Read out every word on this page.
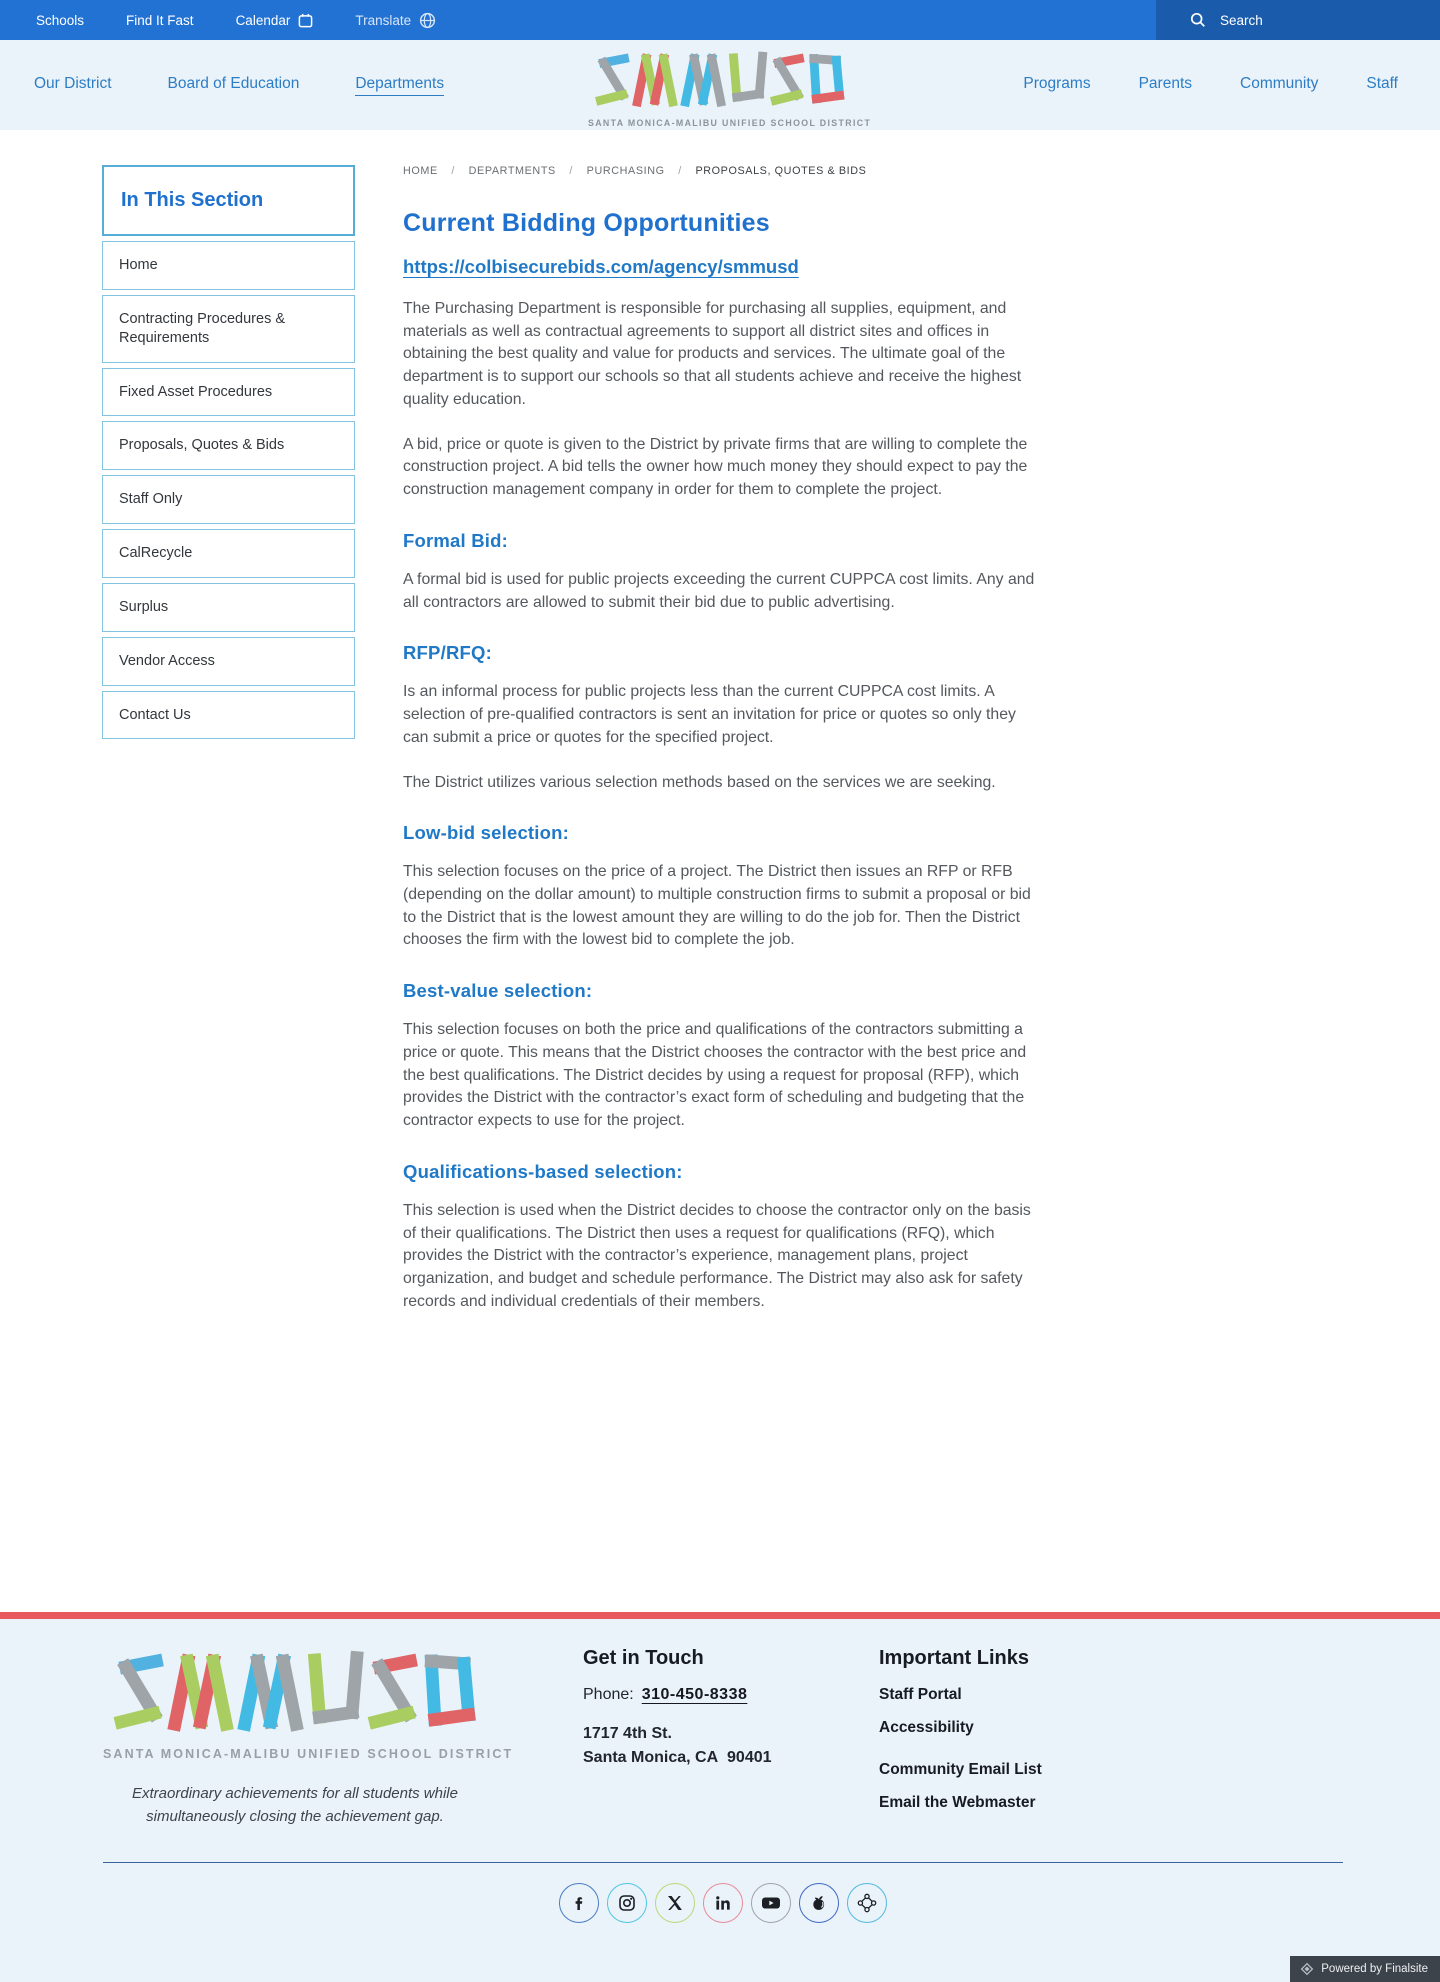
Schools	Find It Fast	Calendar	Translate	Search
Our District	Board of Education	Departments
SANTA MONICA-MALIBU UNIFIED SCHOOL DISTRICT
Programs	Parents	Community	Staff
In This Section
Home
Contracting Procedures & Requirements
Fixed Asset Procedures
Proposals, Quotes & Bids
Staff Only
CalRecycle
Surplus
Vendor Access
Contact Us
HOME / DEPARTMENTS / PURCHASING / PROPOSALS, QUOTES & BIDS
Current Bidding Opportunities
https://colbisecurebids.com/agency/smmusd

The Purchasing Department is responsible for purchasing all supplies, equipment, and materials as well as contractual agreements to support all district sites and offices in obtaining the best quality and value for products and services. The ultimate goal of the department is to support our schools so that all students achieve and receive the highest quality education.

A bid, price or quote is given to the District by private firms that are willing to complete the construction project. A bid tells the owner how much money they should expect to pay the construction management company in order for them to complete the project.

Formal Bid:

A formal bid is used for public projects exceeding the current CUPPCA cost limits. Any and all contractors are allowed to submit their bid due to public advertising.

RFP/RFQ:

Is an informal process for public projects less than the current CUPPCA cost limits. A selection of pre-qualified contractors is sent an invitation for price or quotes so only they can submit a price or quotes for the specified project.

The District utilizes various selection methods based on the services we are seeking.

Low-bid selection:

This selection focuses on the price of a project. The District then issues an RFP or RFB (depending on the dollar amount) to multiple construction firms to submit a proposal or bid to the District that is the lowest amount they are willing to do the job for. Then the District chooses the firm with the lowest bid to complete the job.

Best-value selection:

This selection focuses on both the price and qualifications of the contractors submitting a price or quote. This means that the District chooses the contractor with the best price and the best qualifications. The District decides by using a request for proposal (RFP), which provides the District with the contractor’s exact form of scheduling and budgeting that the contractor expects to use for the project.

Qualifications-based selection:

This selection is used when the District decides to choose the contractor only on the basis of their qualifications. The District then uses a request for qualifications (RFQ), which provides the District with the contractor’s experience, management plans, project organization, and budget and schedule performance. The District may also ask for safety records and individual credentials of their members.

SANTA MONICA-MALIBU UNIFIED SCHOOL DISTRICT
Extraordinary achievements for all students while simultaneously closing the achievement gap.
Get in Touch
Phone: 310-450-8338
1717 4th St.
Santa Monica, CA  90401
Important Links
Staff Portal
Accessibility
Community Email List
Email the Webmaster
Powered by Finalsite
